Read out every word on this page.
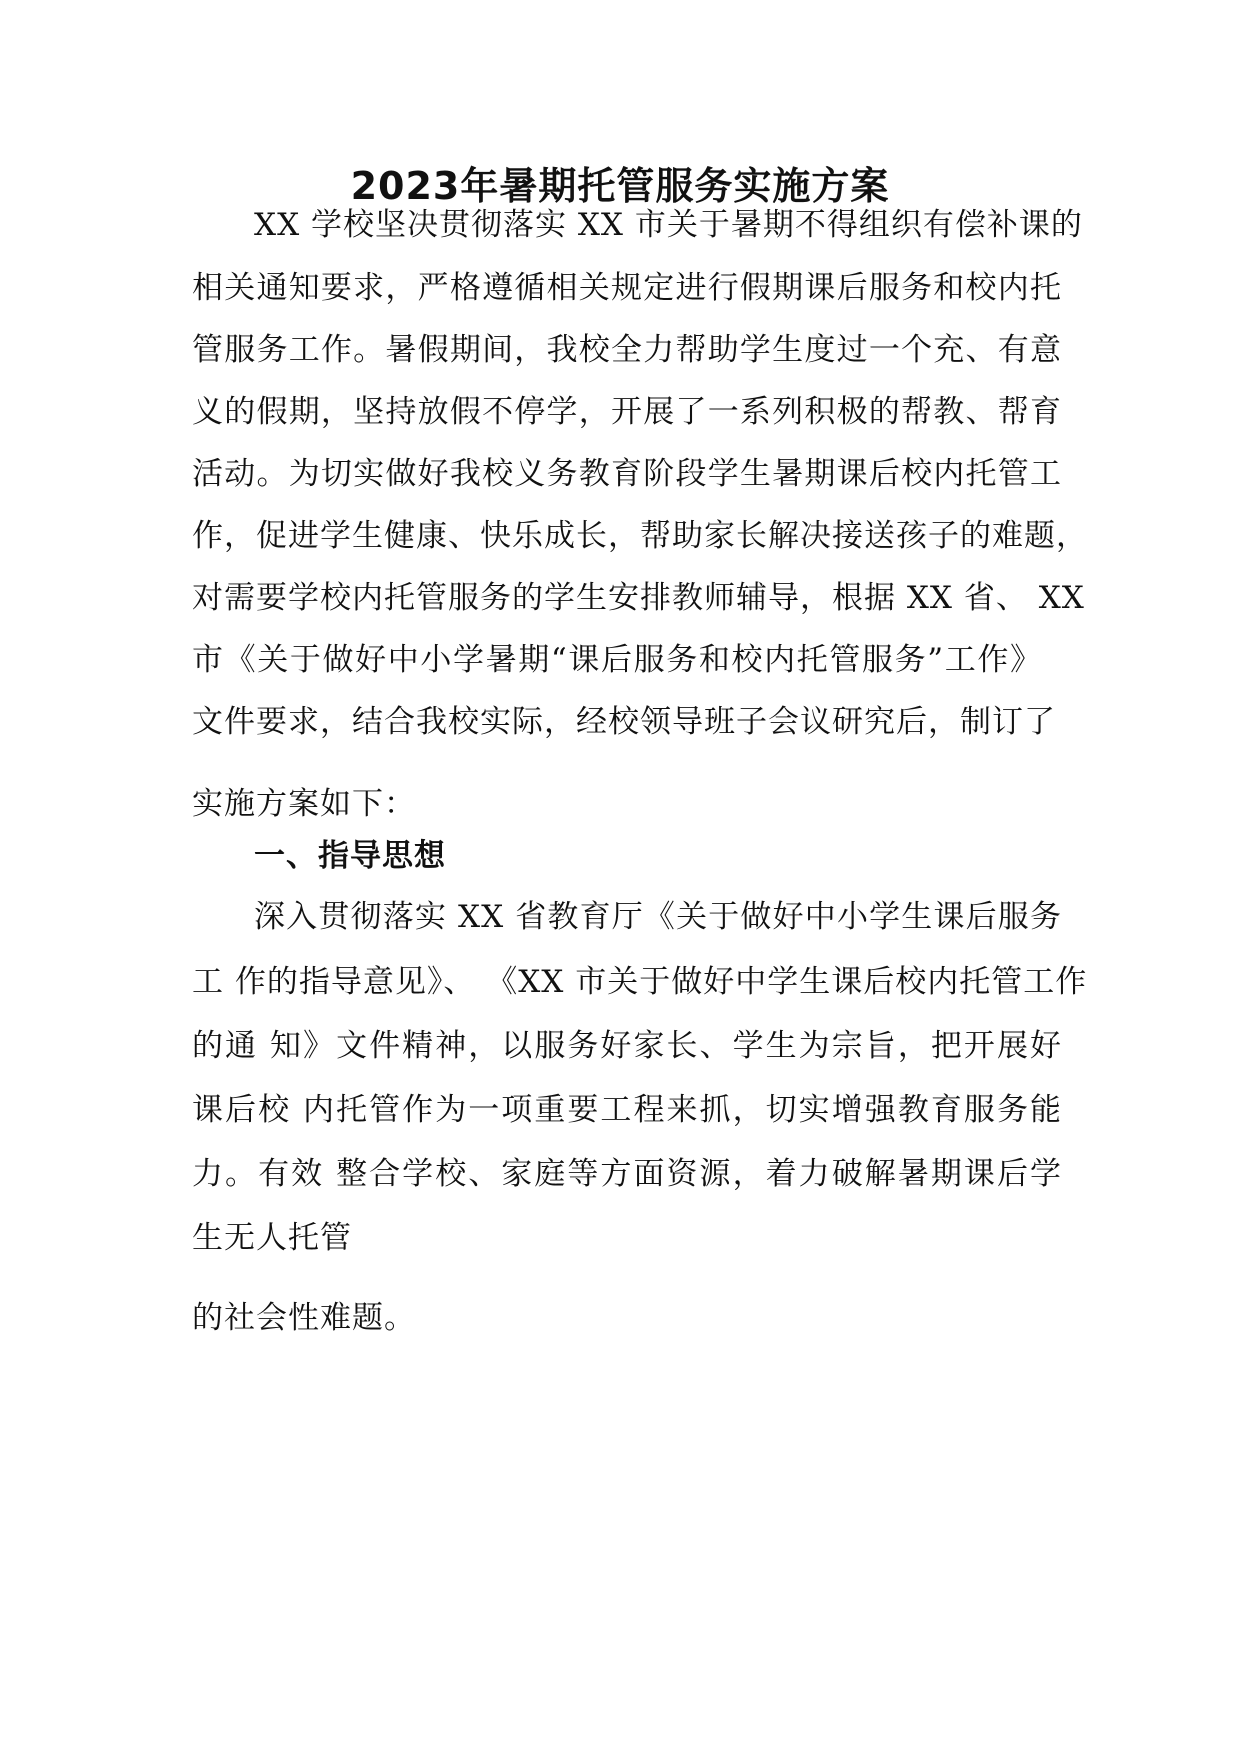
2023年暑期托管服务实施方案

XX 学校坚决贯彻落实 XX 市关于暑期不得组织有偿补课的

相关通知要求，严格遵循相关规定进行假期课后服务和校内托

管服务工作。暑假期间，我校全力帮助学生度过一个充、有意

义的假期，坚持放假不停学，开展了一系列积极的帮教、帮育

活动。为切实做好我校义务教育阶段学生暑期课后校内托管工

作，促进学生健康、快乐成长，帮助家长解决接送孩子的难题，

对需要学校内托管服务的学生安排教师辅导，根据 XX 省、 XX

市《关于做好中小学暑期“课后服务和校内托管服务”工作》

文件要求，结合我校实际，经校领导班子会议研究后，制订了

实施方案如下：

一、指导思想

深入贯彻落实 XX 省教育厅《关于做好中小学生课后服务

工 作的指导意见》、 《XX 市关于做好中学生课后校内托管工作

的通 知》文件精神，以服务好家长、学生为宗旨，把开展好

课后校 内托管作为一项重要工程来抓，切实增强教育服务能

力。有效 整合学校、家庭等方面资源，着力破解暑期课后学

生无人托管

的社会性难题。
